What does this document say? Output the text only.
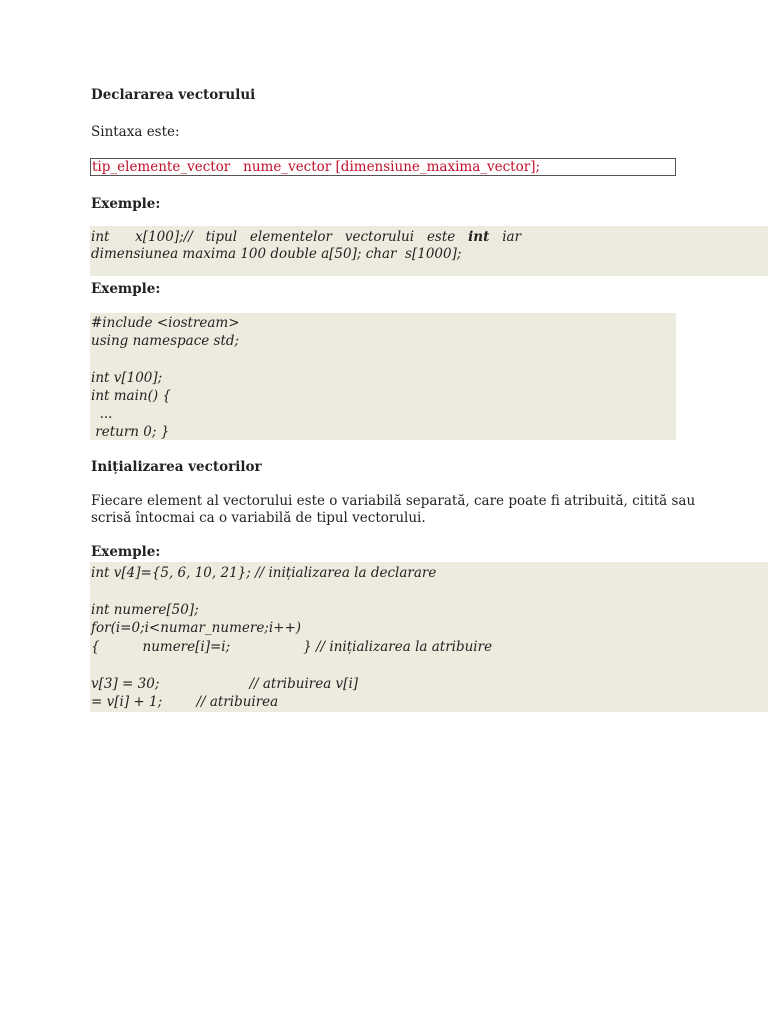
Declararea vectorului
Sintaxa este:
tip_elemente_vector   nume_vector [dimensiune_maxima_vector];
Exemple:
int      x[100];//   tipul   elementelor   vectorului   este   int   iar
dimensiunea maxima 100 double a[50]; char  s[1000];
Exemple:
#include <iostream>
using namespace std;
int v[100];
int main() {
...
return 0; }
Inițializarea vectorilor
Fiecare element al vectorului este o variabilă separată, care poate fi atribuită, citită sau
scrisă întocmai ca o variabilă de tipul vectorului.
Exemple:
int v[4]={5, 6, 10, 21}; // inițializarea la declarare
int numere[50];
for(i=0;i<numar_numere;i++)
{          numere[i]=i;                 } // inițializarea la atribuire
v[3] = 30;                     // atribuirea v[i]
= v[i] + 1;        // atribuirea
